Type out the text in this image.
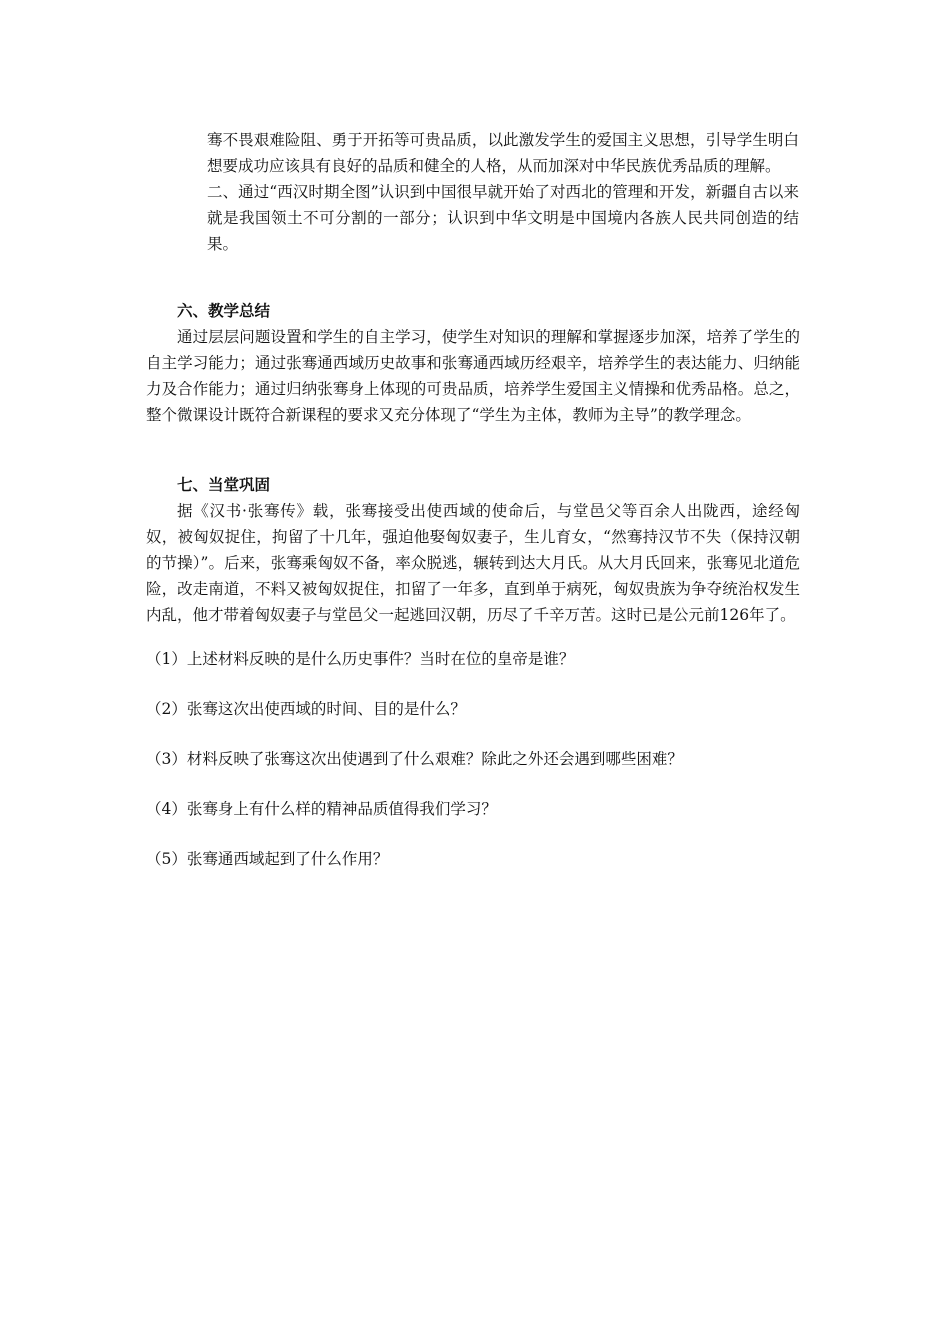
骞不畏艰难险阻、勇于开拓等可贵品质，以此激发学生的爱国主义思想，引导学生明白想要成功应该具有良好的品质和健全的人格，从而加深对中华民族优秀品质的理解。

二、通过“西汉时期全图”认识到中国很早就开始了对西北的管理和开发，新疆自古以来就是我国领土不可分割的一部分；认识到中华文明是中国境内各族人民共同创造的结果。

六、教学总结

通过层层问题设置和学生的自主学习，使学生对知识的理解和掌握逐步加深，培养了学生的自主学习能力；通过张骞通西域历史故事和张骞通西域历经艰辛，培养学生的表达能力、归纳能力及合作能力；通过归纳张骞身上体现的可贵品质，培养学生爱国主义情操和优秀品格。总之，整个微课设计既符合新课程的要求又充分体现了“学生为主体，教师为主导”的教学理念。

七、当堂巩固

据《汉书·张骞传》载，张骞接受出使西域的使命后，与堂邑父等百余人出陇西，途经匈奴，被匈奴捉住，拘留了十几年，强迫他娶匈奴妻子，生儿育女，“然骞持汉节不失（保持汉朝的节操）”。后来，张骞乘匈奴不备，率众脱逃，辗转到达大月氏。从大月氏回来，张骞见北道危险，改走南道，不料又被匈奴捉住，扣留了一年多，直到单于病死，匈奴贵族为争夺统治权发生内乱，他才带着匈奴妻子与堂邑父一起逃回汉朝，历尽了千辛万苦。这时已是公元前126年了。

（1）上述材料反映的是什么历史事件？当时在位的皇帝是谁？

（2）张骞这次出使西域的时间、目的是什么？

（3）材料反映了张骞这次出使遇到了什么艰难？除此之外还会遇到哪些困难？

（4）张骞身上有什么样的精神品质值得我们学习？

（5）张骞通西域起到了什么作用？
